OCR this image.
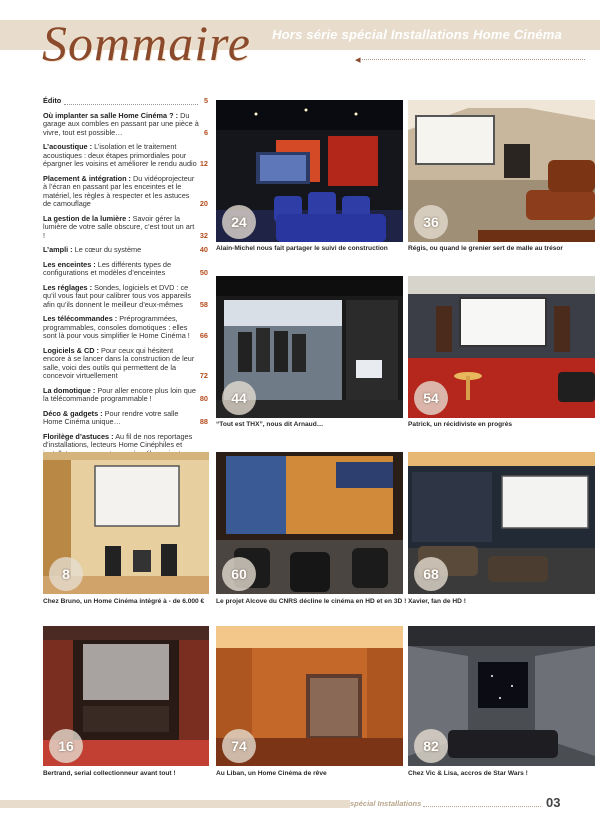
Hors série spécial Installations Home Cinéma
Sommaire	◂
Édito	5
Où implanter sa salle Home Cinéma ? : Du garage aux combles en passant par une pièce à vivre, tout est possible…	6
L’acoustique : L’isolation et le traitement acoustiques : deux étapes primordiales pour épargner les voisins et améliorer le rendu audio 12
Placement & intégration : Du vidéoprojecteur à l’écran en passant par les enceintes et le matériel, les règles à respecter et les astuces de camouflage	20
La gestion de la lumière : Savoir gérer la lumière de votre salle obscure, c’est tout un art !	32
L’ampli : Le cœur du système	40
Les enceintes : Les différents types de configurations et modèles d’enceintes	50
Les réglages : Sondes, logiciels et DVD : ce qu’il vous faut pour calibrer tous vos appareils afin qu’ils donnent le meilleur d’eux-mêmes	58
Les télécommandes : Préprogrammées, programmables, consoles domotiques : elles sont là pour vous simplifier le Home Cinéma !	66
Logiciels & CD : Pour ceux qui hésitent encore à se lancer dans la construction de leur salle, voici des outils qui permettent de la concevoir virtuellement	72
La domotique : Pour aller encore plus loin que la télécommande programmable !	80
Déco & gadgets : Pour rendre votre salle Home Cinéma unique…	88
Florilège d’astuces : Au fil de nos reportages d’installations, lecteurs Home Cinéphiles et
24
Alain-Michel nous fait partager le suivi de construction
36
Régis, ou quand le grenier sert de malle au trésor
44
“Tout est THX”, nous dit Arnaud…
54
Patrick, un récidiviste en progrès
8
Chez Bruno, un Home Cinéma intégré à - de 6.000 €
60
Le projet Alcove du CNRS décline le cinéma en HD et en 3D !
68
Xavier, fan de HD !
16
Bertrand, serial collectionneur avant tout !
74
Au Liban, un Home Cinéma de rêve
82
Chez Vic & Lisa, accros de Star Wars !
spécial Installations	03
